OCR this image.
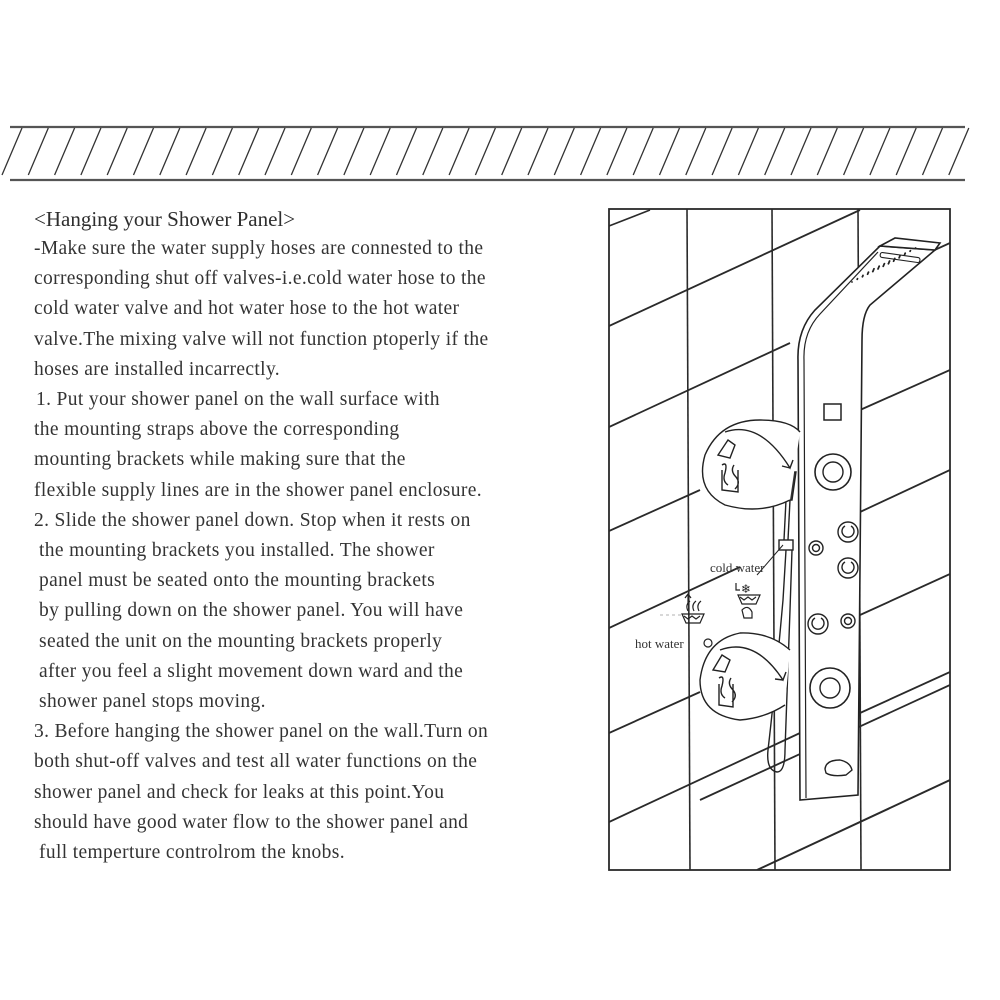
<Hanging your Shower Panel>
-Make sure the water supply hoses are connested to the
corresponding shut off valves-i.e.cold water hose to the
cold water valve and hot water hose to the hot water
valve.The mixing valve will not function ptoperly if the
hoses are installed incarrectly.
1. Put your shower panel on the wall surface with
the mounting straps above the corresponding
mounting brackets while making sure that the
flexible supply lines are in the shower panel enclosure.
2. Slide the shower panel down. Stop when it rests on
the mounting brackets you installed. The shower
panel must be seated onto the mounting brackets
by pulling down on the shower panel. You will have
seated the unit on the mounting brackets properly
after you feel a slight movement down ward and the
shower panel stops moving.
3. Before hanging the shower panel on the wall.Turn on
both shut-off valves and test all water functions on the
shower panel and check for leaks at this point.You
should have good water flow to the shower panel and
full temperture controlrom the knobs.
❄
cold water
hot water
